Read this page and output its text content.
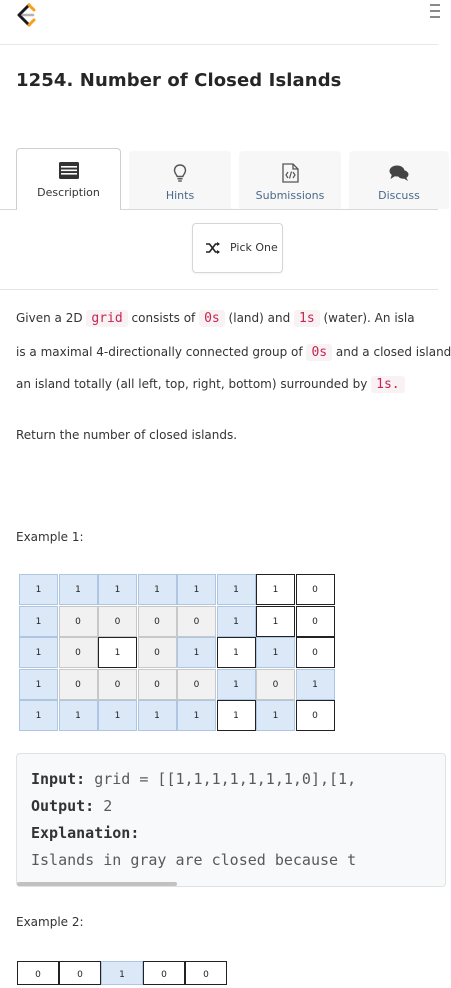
1254. Number of Closed Islands
Description	Hints	Submissions	Discuss
Pick One
Given a 2D grid consists of 0s (land) and 1s (water). An isla
is a maximal 4-directionally connected group of 0s and a closed island
an island totally (all left, top, right, bottom) surrounded by 1s.
Return the number of closed islands.
Example 1:
1	1	1	1	1	1	1	0
1	0	0	0	0	1	1	0
1	0	1	0	1	1	1	0
1	0	0	0	0	1	0	1
1	1	1	1	1	1	1	0
Input: grid = [[1,1,1,1,1,1,1,0],[1,
Output: 2
Explanation:
Islands in gray are closed because t
Example 2:
0	0	1	0	0
